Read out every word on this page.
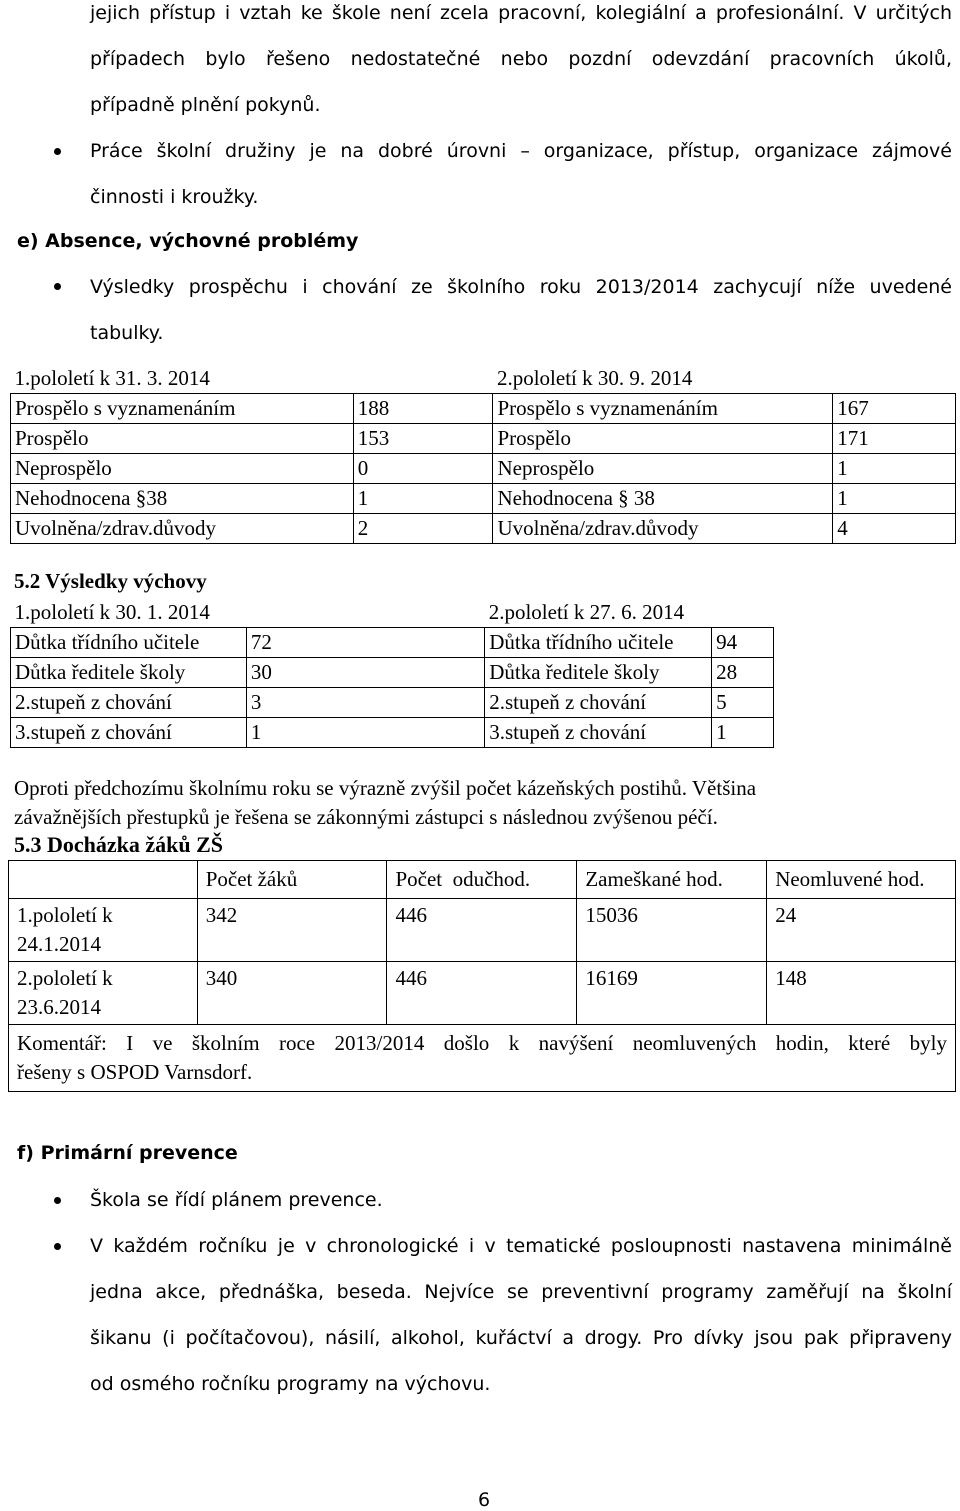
jejich přístup i vztah ke škole není zcela pracovní, kolegiální a profesionální. V určitých
případech bylo řešeno nedostatečné nebo pozdní odevzdání pracovních úkolů,
případně plnění pokynů.
Práce školní družiny je na dobré úrovni – organizace, přístup, organizace zájmové
činnosti i kroužky.
e) Absence, výchovné problémy
Výsledky prospěchu i chování ze školního roku 2013/2014 zachycují níže uvedené
tabulky.
1.pololetí k 31. 3. 2014		2.pololetí k 30. 9. 2014	
Prospělo s vyznamenáním	188	Prospělo s vyznamenáním	167
Prospělo	153	Prospělo	171
Neprospělo	0	Neprospělo	1
Nehodnocena §38	1	Nehodnocena § 38	1
Uvolněna/zdrav.důvody	2	Uvolněna/zdrav.důvody	4
5.2 Výsledky výchovy
1.pololetí k 30. 1. 2014		2.pololetí k 27. 6. 2014	
Důtka třídního učitele	72	Důtka třídního učitele	94
Důtka ředitele školy	30	Důtka ředitele školy	28
2.stupeň z chování	3	2.stupeň z chování	5
3.stupeň z chování	1	3.stupeň z chování	1
Oproti předchozímu školnímu roku se výrazně zvýšil počet kázeňských postihů. Většina
závažnějších přestupků je řešena se zákonnými zástupci s následnou zvýšenou péčí.
5.3 Docházka žáků ZŠ
	Počet žáků	Počet  odučhod.	Zameškané hod.	Neomluvené hod.
1.pololetí k 24.1.2014	342	446	15036	24
2.pololetí k 23.6.2014	340	446	16169	148

Komentář: I ve školním roce 2013/2014 došlo k navýšení neomluvených hodin, které byly
řešeny s OSPOD Varnsdorf.				
f) Primární prevence
Škola se řídí plánem prevence.
V každém ročníku je v chronologické i v tematické posloupnosti nastavena minimálně
jedna akce, přednáška, beseda. Nejvíce se preventivní programy zaměřují na školní
šikanu (i počítačovou), násilí, alkohol, kuřáctví a drogy. Pro dívky jsou pak připraveny
od osmého ročníku programy na výchovu.
6
